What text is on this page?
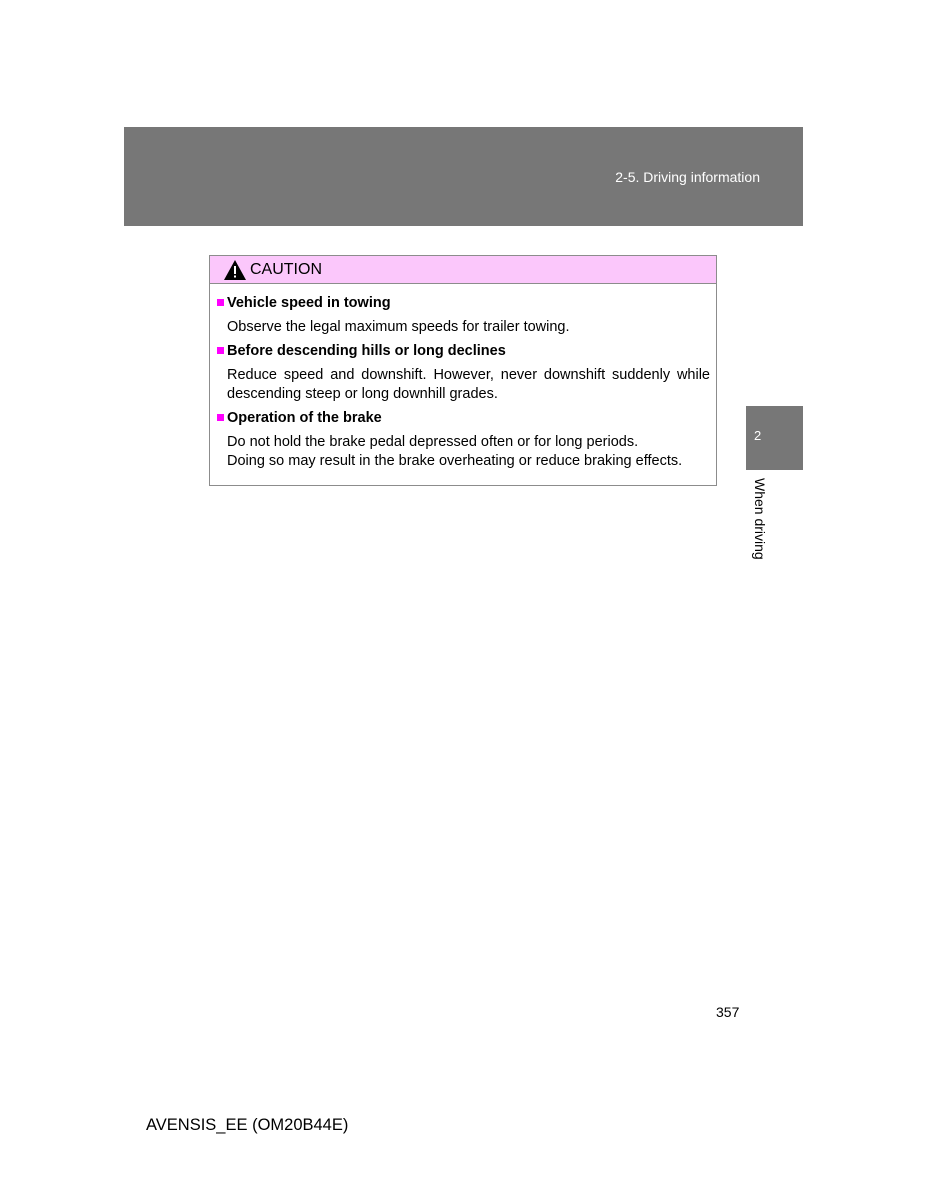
2-5. Driving information
CAUTION
Vehicle speed in towing

Observe the legal maximum speeds for trailer towing.

Before descending hills or long declines

Reduce speed and downshift. However, never downshift suddenly while descending steep or long downhill grades.

Operation of the brake

Do not hold the brake pedal depressed often or for long periods.

Doing so may result in the brake overheating or reduce braking effects.

2
When driving
357
AVENSIS_EE (OM20B44E)
